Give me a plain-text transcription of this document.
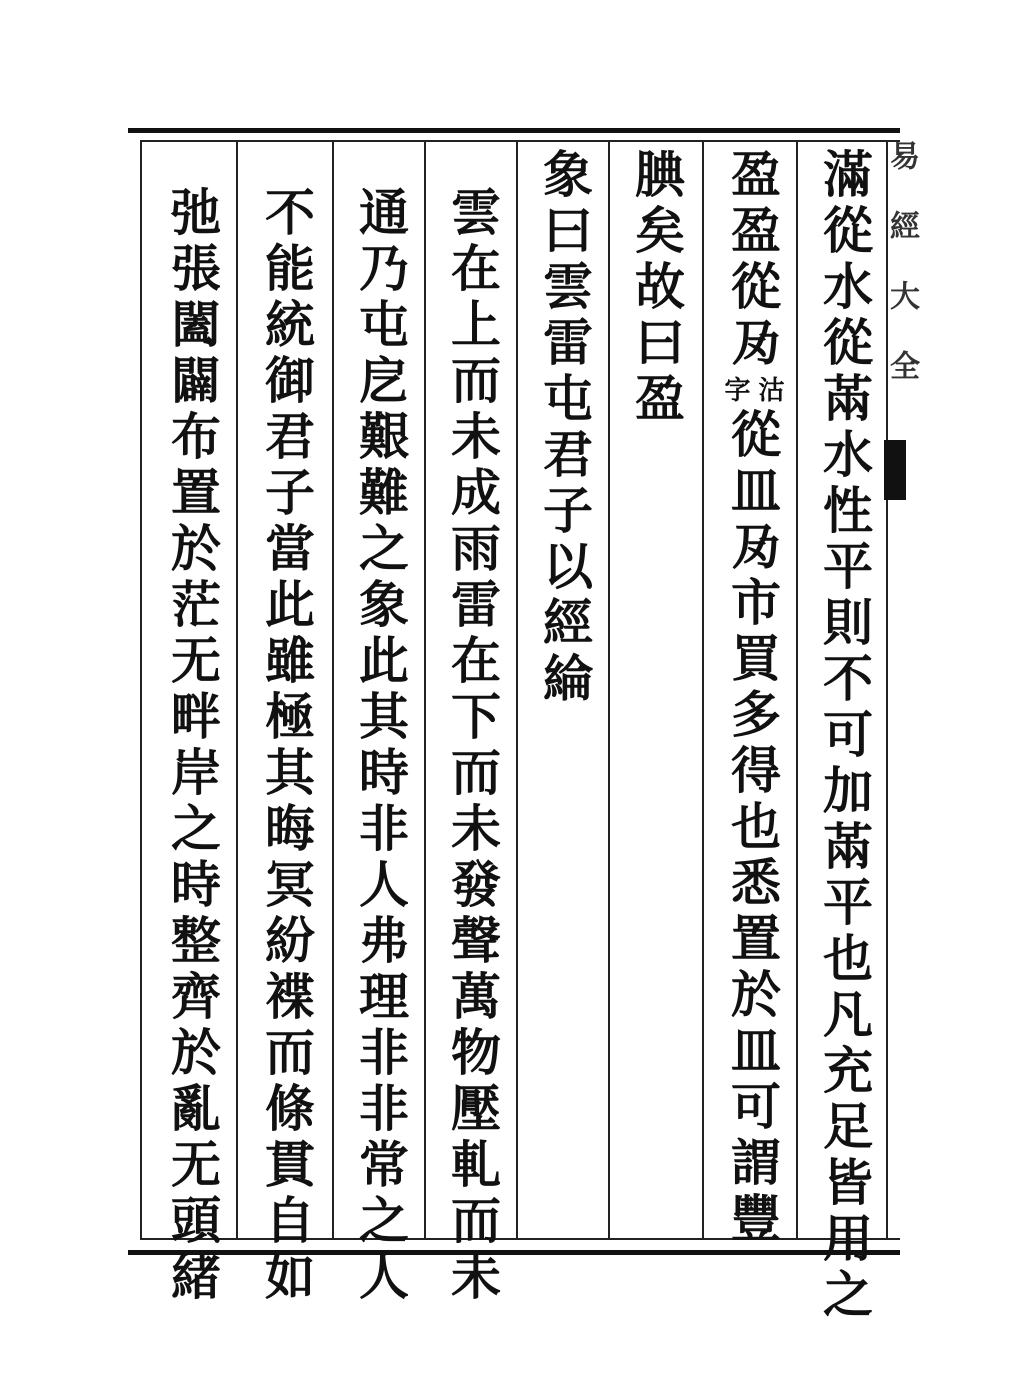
滿從水從㒼水性平則不可加㒼平也凡充足皆用之
盈盈從夃
沽
字
從皿夃市買多得也悉置於皿可謂豐
腆矣故曰盈
象曰雲雷屯君子以經綸
雲在上而未成雨雷在下而未發聲萬物壓軋而未
通乃屯戹艱難之象此其時非人弗理非非常之人
不能統御君子當此雖極其晦冥紛褋而條貫自如
弛張闔闢布置於茫无畔岸之時整齊於亂无頭緒	易經大全
